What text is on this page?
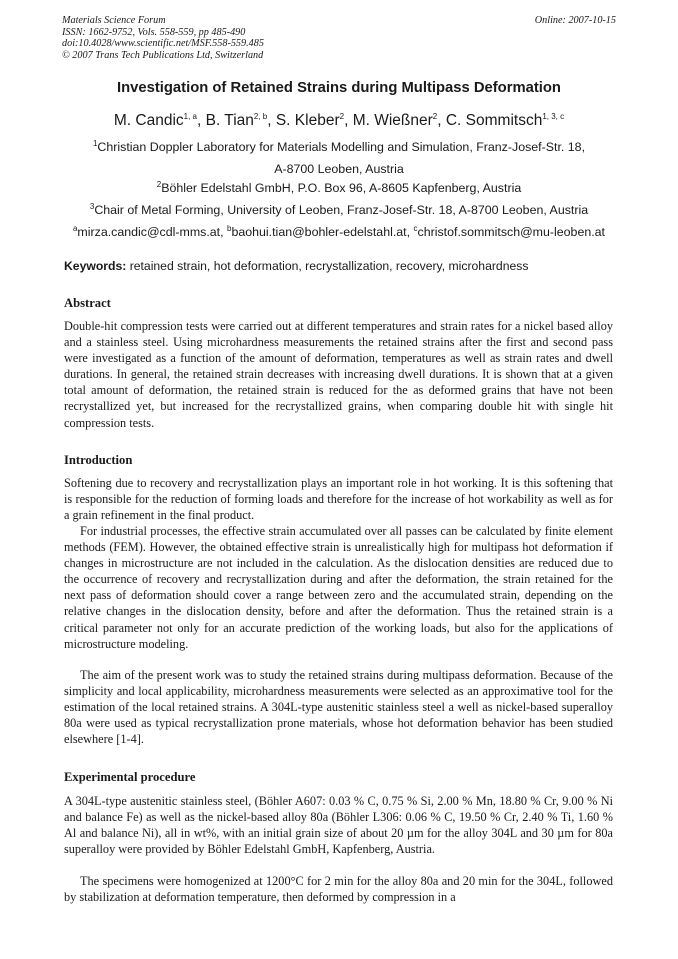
Materials Science Forum
ISSN: 1662-9752, Vols. 558-559, pp 485-490
doi:10.4028/www.scientific.net/MSF.558-559.485
© 2007 Trans Tech Publications Ltd, Switzerland
Online: 2007-10-15
Investigation of Retained Strains during Multipass Deformation
M. Candic$^{1, a}$, B. Tian$^{2, b}$, S. Kleber$^2$, M. Wießner$^2$, C. Sommitsch$^{1, 3, c}$
$^1$Christian Doppler Laboratory for Materials Modelling and Simulation, Franz-Josef-Str. 18,
A-8700 Leoben, Austria
$^2$Böhler Edelstahl GmbH, P.O. Box 96, A-8605 Kapfenberg, Austria
$^3$Chair of Metal Forming, University of Leoben, Franz-Josef-Str. 18, A-8700 Leoben, Austria
$^a$mirza.candic@cdl-mms.at, $^b$baohui.tian@bohler-edelstahl.at, $^c$christof.sommitsch@mu-leoben.at
Keywords: retained strain, hot deformation, recrystallization, recovery, microhardness
Abstract

Double-hit compression tests were carried out at different temperatures and strain rates for a nickel based alloy and a stainless steel. Using microhardness measurements the retained strains after the first and second pass were investigated as a function of the amount of deformation, temperatures as well as strain rates and dwell durations. In general, the retained strain decreases with increasing dwell durations. It is shown that at a given total amount of deformation, the retained strain is reduced for the as deformed grains that have not been recrystallized yet, but increased for the recrystallized grains, when comparing double hit with single hit compression tests.

Introduction

Softening due to recovery and recrystallization plays an important role in hot working. It is this softening that is responsible for the reduction of forming loads and therefore for the increase of hot workability as well as for a grain refinement in the final product.

For industrial processes, the effective strain accumulated over all passes can be calculated by finite element methods (FEM). However, the obtained effective strain is unrealistically high for multipass hot deformation if changes in microstructure are not included in the calculation. As the dislocation densities are reduced due to the occurrence of recovery and recrystallization during and after the deformation, the strain retained for the next pass of deformation should cover a range between zero and the accumulated strain, depending on the relative changes in the dislocation density, before and after the deformation. Thus the retained strain is a critical parameter not only for an accurate prediction of the working loads, but also for the applications of microstructure modeling.

The aim of the present work was to study the retained strains during multipass deformation. Because of the simplicity and local applicability, microhardness measurements were selected as an approximative tool for the estimation of the local retained strains. A 304L-type austenitic stainless steel a well as nickel-based superalloy 80a were used as typical recrystallization prone materials, whose hot deformation behavior has been studied elsewhere [1-4].

Experimental procedure

A 304L-type austenitic stainless steel, (Böhler A607: 0.03 % C, 0.75 % Si, 2.00 % Mn, 18.80 % Cr, 9.00 % Ni and balance Fe) as well as the nickel-based alloy 80a (Böhler L306: 0.06 % C, 19.50 % Cr, 2.40 % Ti, 1.60 % Al and balance Ni), all in wt%, with an initial grain size of about 20 µm for the alloy 304L and 30 µm for 80a superalloy were provided by Böhler Edelstahl GmbH, Kapfenberg, Austria.

The specimens were homogenized at 1200°C for 2 min for the alloy 80a and 20 min for the 304L, followed by stabilization at deformation temperature, then deformed by compression in a
